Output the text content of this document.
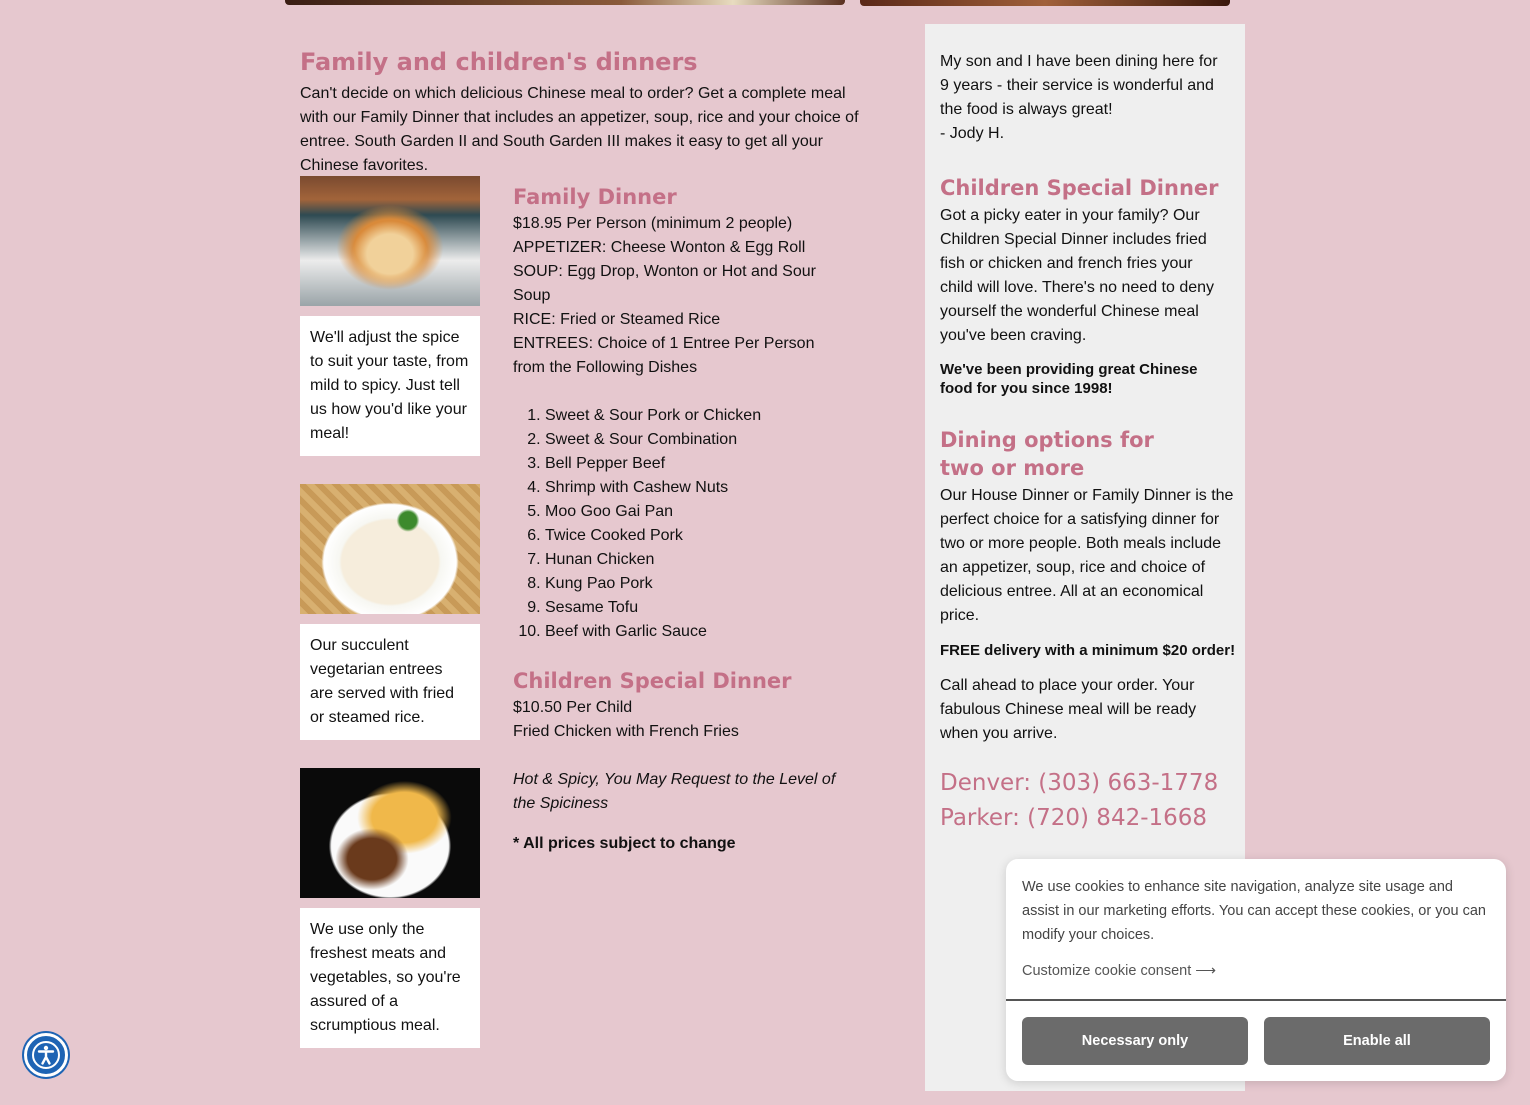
Family and children's dinners

Can't decide on which delicious Chinese meal to order? Get a complete meal with our Family Dinner that includes an appetizer, soup, rice and your choice of entree. South Garden II and South Garden III makes it easy to get all your Chinese favorites.

We'll adjust the spice to suit your taste, from mild to spicy. Just tell us how you'd like your meal!
Our succulent vegetarian entrees are served with fried or steamed rice.
We use only the freshest meats and vegetables, so you're assured of a scrumptious meal.
Family Dinner
$18.95 Per Person (minimum 2 people)
APPETIZER: Cheese Wonton & Egg Roll
SOUP: Egg Drop, Wonton or Hot and Sour Soup
RICE: Fried or Steamed Rice
ENTREES: Choice of 1 Entree Per Person from the Following Dishes
1. Sweet & Sour Pork or Chicken
2. Sweet & Sour Combination
3. Bell Pepper Beef
4. Shrimp with Cashew Nuts
5. Moo Goo Gai Pan
6. Twice Cooked Pork
7. Hunan Chicken
8. Kung Pao Pork
9. Sesame Tofu
10. Beef with Garlic Sauce
Children Special Dinner
$10.50 Per Child
Fried Chicken with French Fries
Hot & Spicy, You May Request to the Level of the Spiciness
* All prices subject to change
My son and I have been dining here for 9 years - their service is wonderful and the food is always great!
- Jody H.
Children Special Dinner
Got a picky eater in your family? Our Children Special Dinner includes fried fish or chicken and french fries your child will love. There's no need to deny yourself the wonderful Chinese meal you've been craving.
We've been providing great Chinese food for you since 1998!
Dining options for two or more
Our House Dinner or Family Dinner is the perfect choice for a satisfying dinner for two or more people. Both meals include an appetizer, soup, rice and choice of delicious entree. All at an economical price.
FREE delivery with a minimum $20 order!
Call ahead to place your order. Your fabulous Chinese meal will be ready when you arrive.
Denver: (303) 663-1778
Parker: (720) 842-1668
We use cookies to enhance site navigation, analyze site usage and assist in our marketing efforts. You can accept these cookies, or you can modify your choices.
Customize cookie consent ⟶
Necessary only	Enable all
